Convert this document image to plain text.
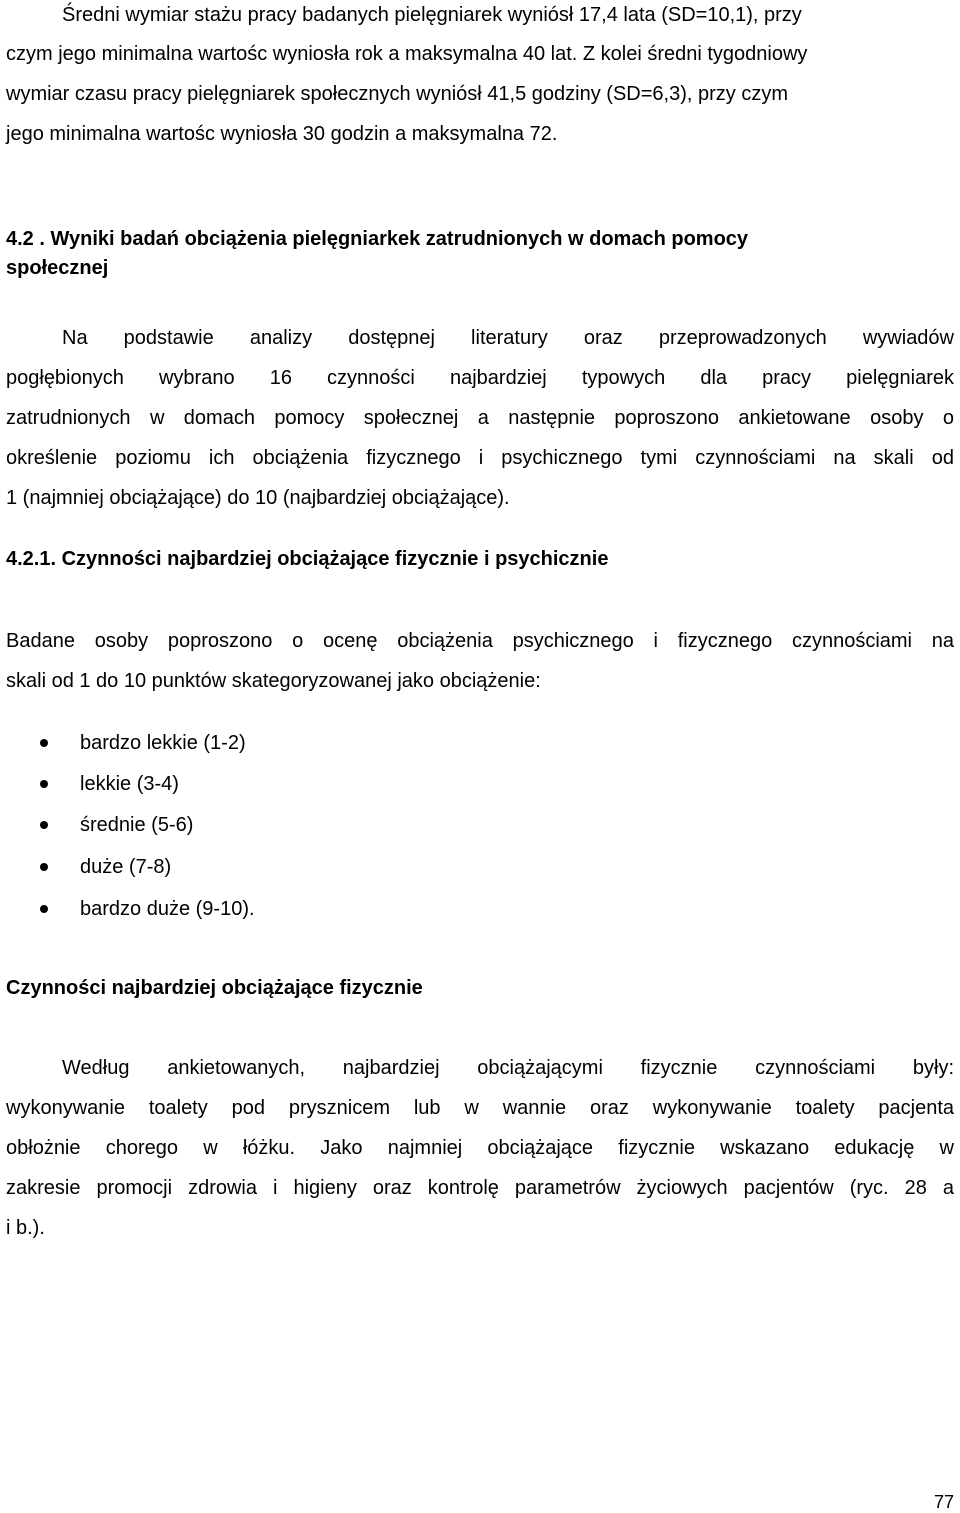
Średni wymiar stażu pracy badanych pielęgniarek wyniósł 17,4 lata (SD=10,1), przy
czym jego minimalna wartośc wyniosła rok a maksymalna 40 lat. Z kolei średni tygodniowy
wymiar czasu pracy pielęgniarek społecznych wyniósł 41,5 godziny (SD=6,3), przy czym
jego minimalna wartośc wyniosła 30 godzin a maksymalna 72.
4.2 . Wyniki badań obciążenia pielęgniarkek zatrudnionych w domach pomocy
społecznej
Na podstawie analizy dostępnej literatury oraz przeprowadzonych wywiadów
pogłębionych wybrano 16 czynności najbardziej typowych dla pracy pielęgniarek
zatrudnionych w domach pomocy społecznej a następnie poproszono ankietowane osoby o
określenie poziomu ich obciążenia fizycznego i psychicznego tymi czynnościami na skali od
1 (najmniej obciążające) do 10 (najbardziej obciążające).
4.2.1. Czynności najbardziej obciążające fizycznie i psychicznie
Badane osoby poproszono o ocenę obciążenia psychicznego i fizycznego czynnościami na
skali od 1 do 10 punktów skategoryzowanej jako obciążenie:
bardzo lekkie (1-2)
lekkie (3-4)
średnie (5-6)
duże (7-8)
bardzo duże (9-10).
Czynności najbardziej obciążające fizycznie
Według ankietowanych, najbardziej obciążającymi fizycznie czynnościami były:
wykonywanie toalety pod prysznicem lub w wannie oraz wykonywanie toalety pacjenta
obłożnie chorego w łóżku. Jako najmniej obciążające fizycznie wskazano edukację w
zakresie promocji zdrowia i higieny oraz kontrolę parametrów życiowych pacjentów (ryc. 28 a
i b.).
77
